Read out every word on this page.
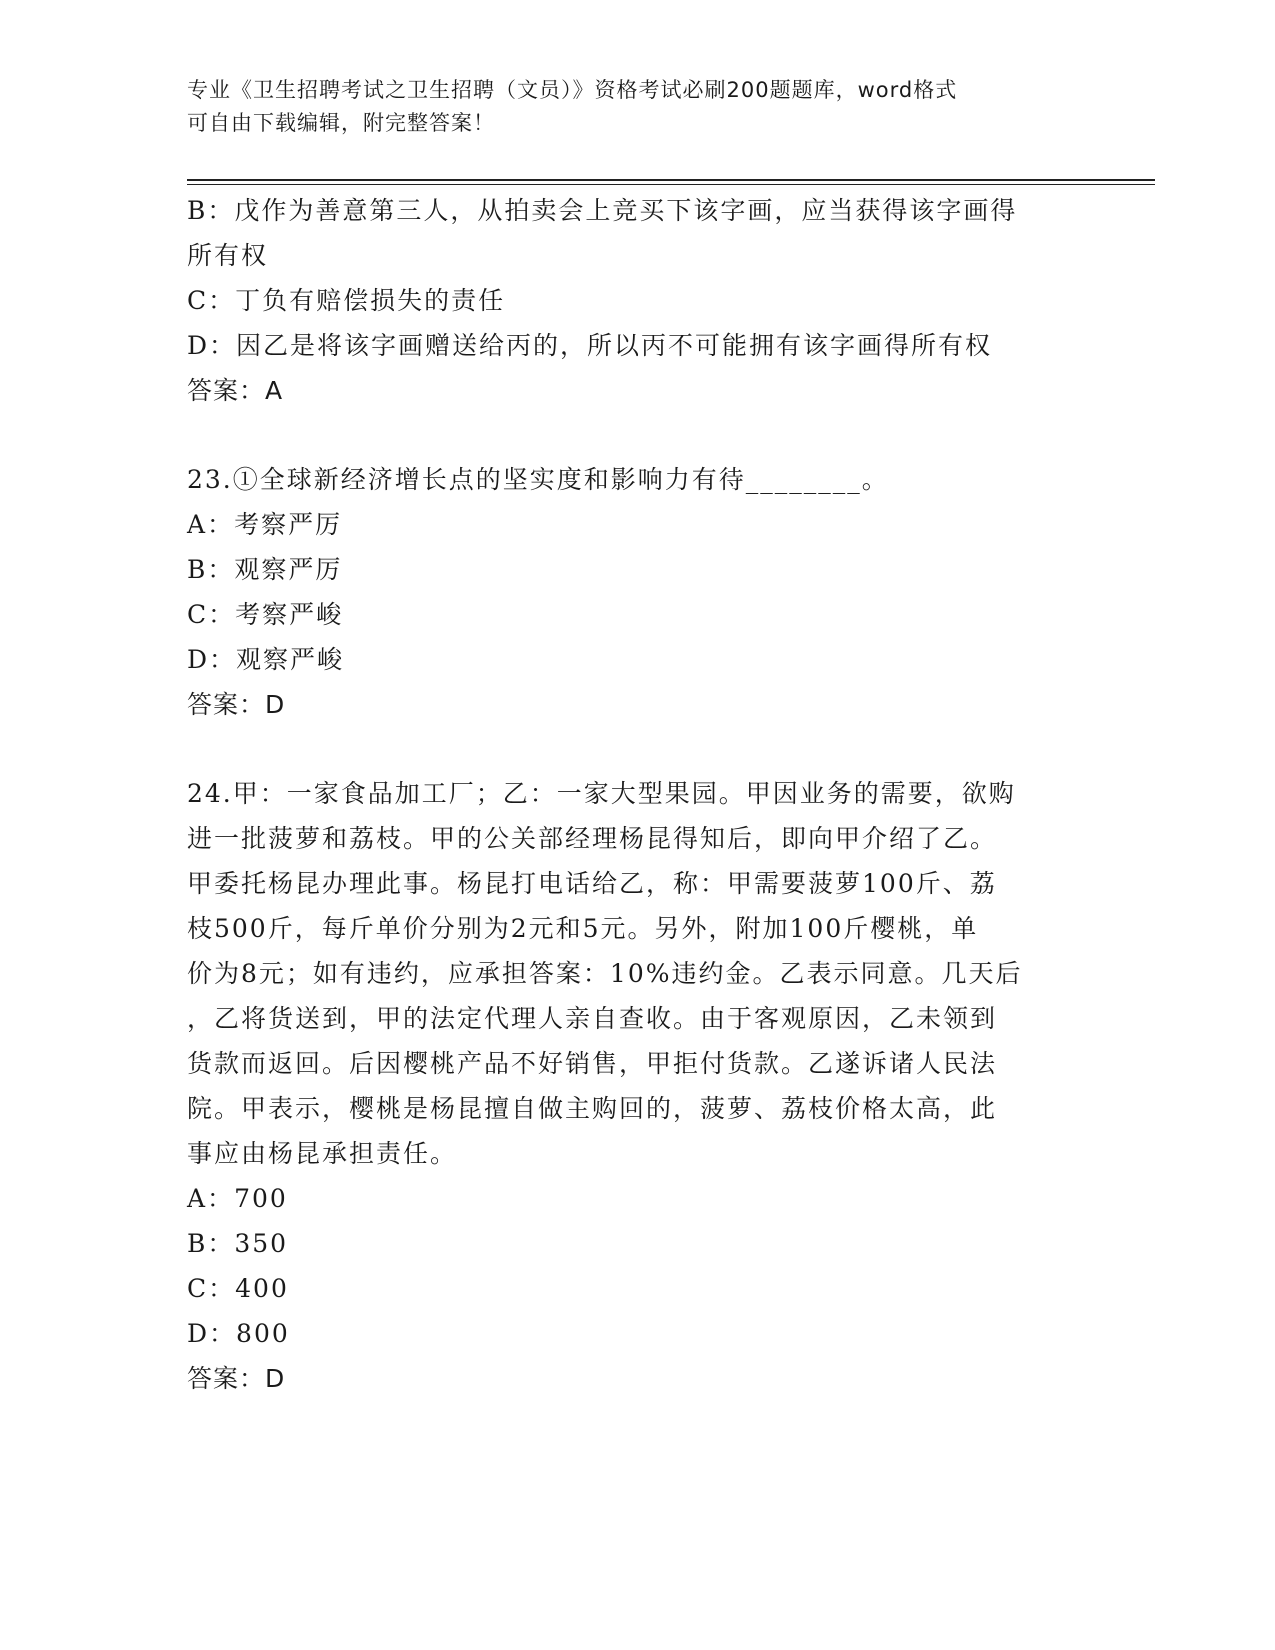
专业《卫生招聘考试之卫生招聘（文员）》资格考试必刷200题题库，word格式
可自由下载编辑，附完整答案！
B：戊作为善意第三人，从拍卖会上竞买下该字画，应当获得该字画得
所有权
C：丁负有赔偿损失的责任
D：因乙是将该字画赠送给丙的，所以丙不可能拥有该字画得所有权
答案：A
23.①全球新经济增长点的坚实度和影响力有待________。
A：考察严厉
B：观察严厉
C：考察严峻
D：观察严峻
答案：D
24.甲：一家食品加工厂；乙：一家大型果园。甲因业务的需要，欲购
进一批菠萝和荔枝。甲的公关部经理杨昆得知后，即向甲介绍了乙。
甲委托杨昆办理此事。杨昆打电话给乙，称：甲需要菠萝100斤、荔
枝500斤，每斤单价分别为2元和5元。另外，附加100斤樱桃，单
价为8元；如有违约，应承担答案：10%违约金。乙表示同意。几天后
，乙将货送到，甲的法定代理人亲自查收。由于客观原因，乙未领到
货款而返回。后因樱桃产品不好销售，甲拒付货款。乙遂诉诸人民法
院。甲表示，樱桃是杨昆擅自做主购回的，菠萝、荔枝价格太高，此
事应由杨昆承担责任。
A：700
B：350
C：400
D：800
答案：D
